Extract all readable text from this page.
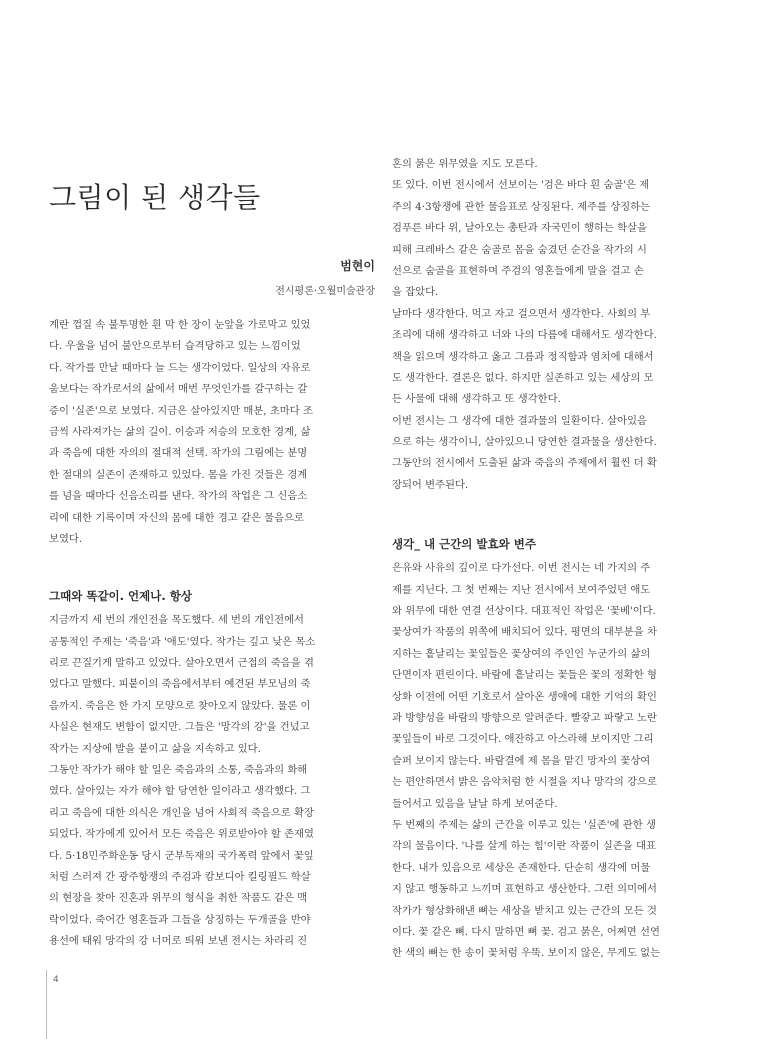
그림이 된 생각들
범현이
전시평론·오월미술관장
계란 껍질 속 불투명한 흰 막 한 장이 눈앞을 가로막고 있었
다. 우울을 넘어 불안으로부터 습격당하고 있는 느낌이었
다. 작가를 만날 때마다 늘 드는 생각이었다. 일상의 자유로
움보다는 작가로서의 삶에서 매번 무엇인가를 갈구하는 갈
증이 '실존'으로 보였다. 지금은 살아있지만 매분, 초마다 조
금씩 사라져가는 삶의 길이. 이승과 저승의 모호한 경계, 삶
과 죽음에 대한 자의의 절대적 선택. 작가의 그림에는 분명
한 절대의 실존이 존재하고 있었다. 몸을 가진 것들은 경계
를 넘을 때마다 신음소리를 낸다. 작가의 작업은 그 신음소
리에 대한 기록이며 자신의 몸에 대한 경고 같은 물음으로
보였다.
그때와 똑같이. 언제나. 항상
지금까지 세 번의 개인전을 목도했다. 세 번의 개인전에서
공통적인 주제는 '죽음'과 '애도'였다. 작가는 깊고 낮은 목소
리로 끈질기게 말하고 있었다. 살아오면서 근접의 죽음을 겪
었다고 말했다. 피붙이의 죽음에서부터 예견된 부모님의 죽
음까지. 죽음은 한 가지 모양으로 찾아오지 않았다. 물론 이
사실은 현재도 변함이 없지만. 그들은 '망각의 강'을 건넜고
작가는 지상에 발을 붙이고 삶을 지속하고 있다.
그동안 작가가 해야 할 일은 죽음과의 소통, 죽음과의 화해
였다. 살아있는 자가 해야 할 당연한 일이라고 생각했다. 그
리고 죽음에 대한 의식은 개인을 넘어 사회적 죽음으로 확장
되었다. 작가에게 있어서 모든 죽음은 위로받아야 할 존재였
다. 5·18민주화운동 당시 군부독재의 국가폭력 앞에서 꽃잎
처럼 스러져 간 광주항쟁의 주검과 캄보디아 킬링필드 학살
의 현장을 찾아 진혼과 위무의 형식을 취한 작품도 같은 맥
락이었다. 죽어간 영혼들과 그들을 상징하는 두개골을 반야
용선에 태워 망각의 강 너머로 띄워 보낸 전시는 차라리 진
혼의 붉은 위무였을 지도 모른다.
또 있다. 이번 전시에서 선보이는 '검은 바다 흰 숨골'은 제
주의 4·3항쟁에 관한 물음표로 상징된다. 제주를 상징하는
검푸른 바다 위, 날아오는 총탄과 자국민이 행하는 학살을
피해 크레바스 같은 숨골로 몸을 숨겼던 순간을 작가의 시
선으로 숨골을 표현하며 주검의 영혼들에게 말을 걸고 손
을 잡았다.
날마다 생각한다. 먹고 자고 걸으면서 생각한다. 사회의 부
조리에 대해 생각하고 너와 나의 다름에 대해서도 생각한다.
책을 읽으며 생각하고 옳고 그름과 정직함과 염치에 대해서
도 생각한다. 결론은 없다. 하지만 실존하고 있는 세상의 모
든 사물에 대해 생각하고 또 생각한다.
이번 전시는 그 생각에 대한 결과물의 일환이다. 살아있음
으로 하는 생각이니, 살아있으니 당연한 결과물을 생산한다.
그동안의 전시에서 도출된 삶과 죽음의 주제에서 훨씬 더 확
장되어 변주된다.
생각_ 내 근간의 발효와 변주
은유와 사유의 깊이로 다가선다. 이번 전시는 네 가지의 주
제를 지닌다. 그 첫 번째는 지난 전시에서 보여주었던 애도
와 위무에 대한 연결 선상이다. 대표적인 작업은 '꽃베'이다.
꽃상여가 작품의 위쪽에 배치되어 있다. 평면의 대부분을 차
지하는 흩날리는 꽃잎들은 꽃상여의 주인인 누군가의 삶의
단면이자 편린이다. 바람에 흩날리는 꽃들은 꽃의 정확한 형
상화 이전에 어떤 기호로서 살아온 생애에 대한 기억의 확인
과 방향성을 바람의 방향으로 알려준다. 빨갛고 파랗고 노란
꽃잎들이 바로 그것이다. 애잔하고 아스라해 보이지만 그리
슬퍼 보이지 않는다. 바람결에 제 몸을 맡긴 망자의 꽃상여
는 편안하면서 밝은 음악처럼 한 시절을 지나 망각의 강으로
들어서고 있음을 날날 하게 보여준다.
두 번째의 주제는 삶의 근간을 이루고 있는 '실존'에 관한 생
각의 물음이다. '나를 살게 하는 힘'이란 작품이 실존을 대표
한다. 내가 있음으로 세상은 존재한다. 단순히 생각에 머물
지 않고 행동하고 느끼며 표현하고 생산한다. 그런 의미에서
작가가 형상화해낸 뼈는 세상을 받치고 있는 근간의 모든 것
이다. 꽃 같은 뼈. 다시 말하면 뼈 꽃. 검고 붉은, 어쩌면 선연
한 색의 뼈는 한 송이 꽃처럼 우뚝. 보이지 않은, 무게도 없는
4
